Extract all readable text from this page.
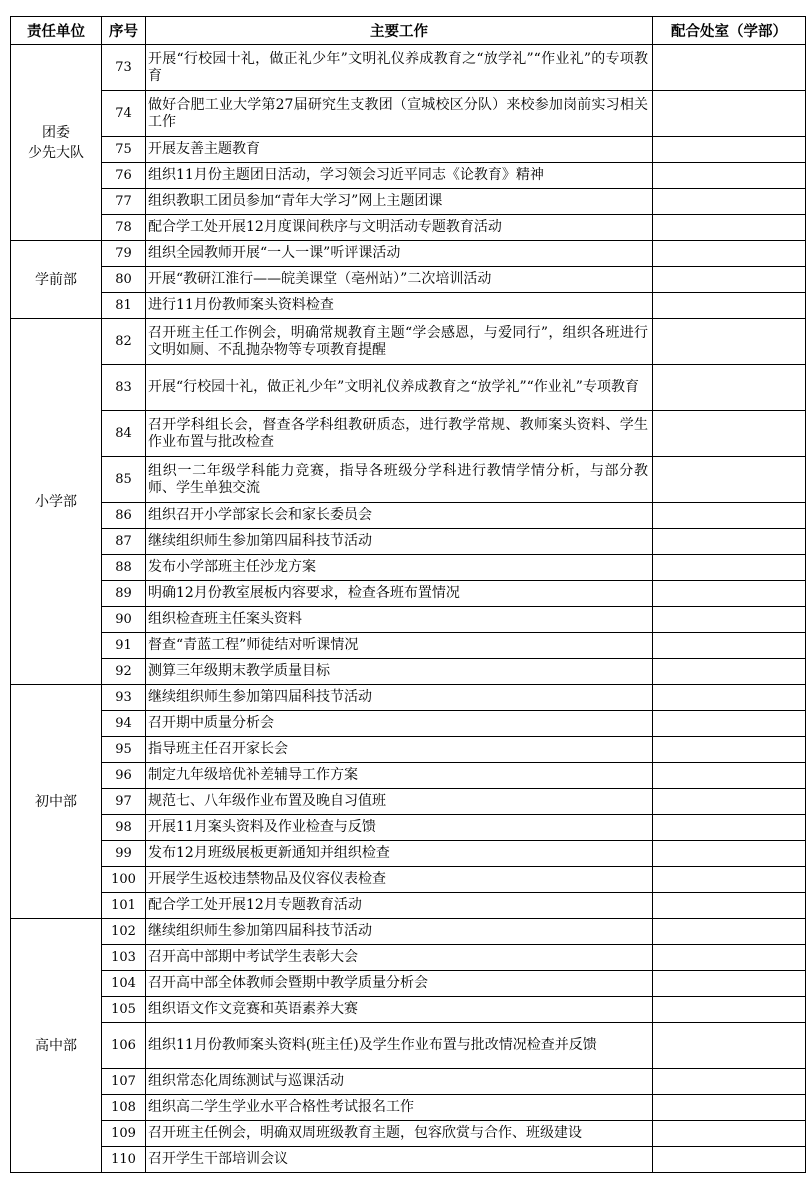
责任单位	序号	主要工作	配合处室（学部）
团委
少先大队	73	开展“行校园十礼，做正礼少年”文明礼仪养成教育之“放学礼”“作业礼”的专项教育	
	74	做好合肥工业大学第27届研究生支教团（宣城校区分队）来校参加岗前实习相关工作	
	75	开展友善主题教育	
	76	组织11月份主题团日活动，学习领会习近平同志《论教育》精神	
	77	组织教职工团员参加“青年大学习”网上主题团课	
	78	配合学工处开展12月度课间秩序与文明活动专题教育活动	
学前部	79	组织全园教师开展“一人一课”听评课活动	
	80	开展“教研江淮行——皖美课堂（亳州站）”二次培训活动	
	81	进行11月份教师案头资料检查	
小学部	82	召开班主任工作例会，明确常规教育主题“学会感恩，与爱同行”，组织各班进行文明如厕、不乱抛杂物等专项教育提醒	
	83	开展“行校园十礼，做正礼少年”文明礼仪养成教育之“放学礼”“作业礼”专项教育	
	84	召开学科组长会，督查各学科组教研质态，进行教学常规、教师案头资料、学生作业布置与批改检查	
	85	组织一二年级学科能力竞赛，指导各班级分学科进行教情学情分析，与部分教师、学生单独交流	
	86	组织召开小学部家长会和家长委员会	
	87	继续组织师生参加第四届科技节活动	
	88	发布小学部班主任沙龙方案	
	89	明确12月份教室展板内容要求，检查各班布置情况	
	90	组织检查班主任案头资料	
	91	督查“青蓝工程”师徒结对听课情况	
	92	测算三年级期末教学质量目标	
初中部	93	继续组织师生参加第四届科技节活动	
	94	召开期中质量分析会	
	95	指导班主任召开家长会	
	96	制定九年级培优补差辅导工作方案	
	97	规范七、八年级作业布置及晚自习值班	
	98	开展11月案头资料及作业检查与反馈	
	99	发布12月班级展板更新通知并组织检查	
	100	开展学生返校违禁物品及仪容仪表检查	
	101	配合学工处开展12月专题教育活动	
高中部	102	继续组织师生参加第四届科技节活动	
	103	召开高中部期中考试学生表彰大会	
	104	召开高中部全体教师会暨期中教学质量分析会	
	105	组织语文作文竞赛和英语素养大赛	
	106	组织11月份教师案头资料(班主任)及学生作业布置与批改情况检查并反馈	
	107	组织常态化周练测试与巡课活动	
	108	组织高二学生学业水平合格性考试报名工作	
	109	召开班主任例会，明确双周班级教育主题，包容欣赏与合作、班级建设	
	110	召开学生干部培训会议	
